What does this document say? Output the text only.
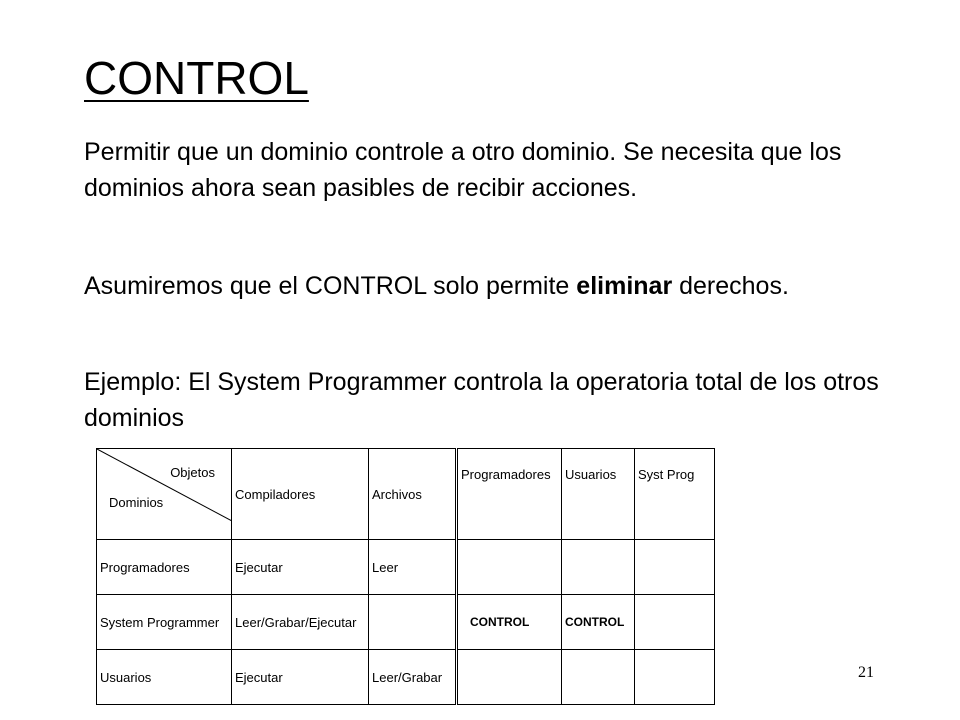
CONTROL

Permitir que un dominio controle a otro dominio. Se necesita que los dominios ahora sean pasibles de recibir acciones.

Asumiremos que el CONTROL solo permite eliminar derechos.

Ejemplo: El System Programmer controla la operatoria total de los otros dominios

Objetos
Dominios	Compiladores	Archivos	Programadores	Usuarios	Syst Prog
Programadores	Ejecutar	Leer			
System Programmer	Leer/Grabar/Ejecutar		CONTROL	CONTROL	
Usuarios	Ejecutar	Leer/Grabar				21
